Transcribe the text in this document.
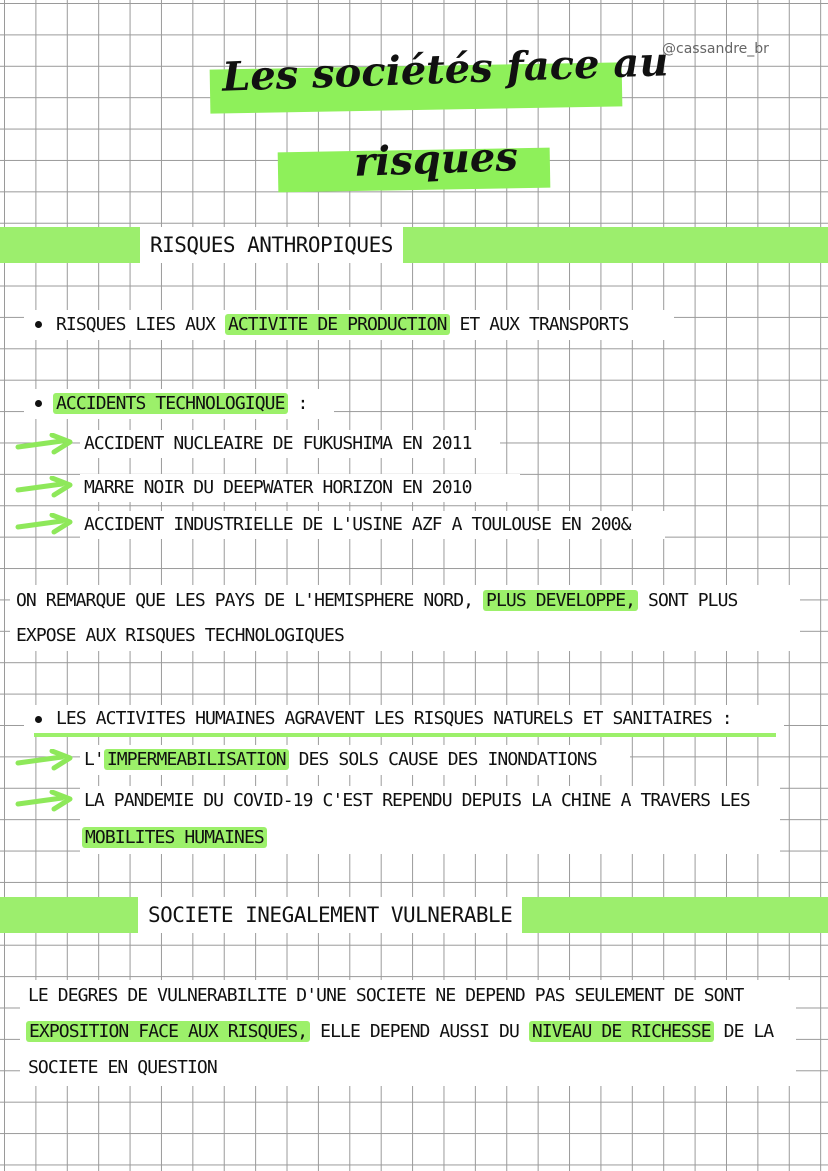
@cassandre_br
Les sociétés face au
risques
RISQUES ANTHROPIQUES
RISQUES LIES AUX ACTIVITE DE PRODUCTION ET AUX TRANSPORTS
ACCIDENTS TECHNOLOGIQUE :
ACCIDENT NUCLEAIRE DE FUKUSHIMA EN 2011
MARRE NOIR DU DEEPWATER HORIZON EN 2010
ACCIDENT INDUSTRIELLE DE L'USINE AZF A TOULOUSE EN 200&
ON REMARQUE QUE LES PAYS DE L'HEMISPHERE NORD, PLUS DEVELOPPE, SONT PLUS
EXPOSE AUX RISQUES TECHNOLOGIQUES
LES ACTIVITES HUMAINES AGRAVENT LES RISQUES NATURELS ET SANITAIRES :
L' IMPERMEABILISATION DES SOLS CAUSE DES INONDATIONS
LA PANDEMIE DU COVID-19 C'EST REPENDU DEPUIS LA CHINE A TRAVERS LES
MOBILITES HUMAINES
SOCIETE INEGALEMENT VULNERABLE
LE DEGRES DE VULNERABILITE D'UNE SOCIETE NE DEPEND PAS SEULEMENT DE SONT
EXPOSITION FACE AUX RISQUES, ELLE DEPEND AUSSI DU NIVEAU DE RICHESSE DE LA
SOCIETE EN QUESTION
